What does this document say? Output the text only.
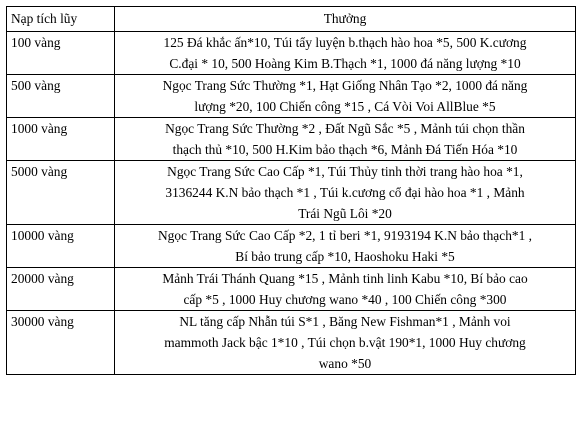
Nạp tích lũy	Thưởng
100 vàng	125 Đá khắc ấn*10, Túi tẩy luyện b.thạch hào hoa *5, 500 K.cương
C.đại * 10, 500 Hoàng Kim B.Thạch *1, 1000 đá năng lượng *10

500 vàng	Ngọc Trang Sức Thường *1, Hạt Giống Nhân Tạo *2, 1000 đá năng
lượng *20, 100 Chiến công *15 , Cá Vòi Voi AllBlue *5

1000 vàng	Ngọc Trang Sức Thường *2 , Đất Ngũ Sắc *5 , Mảnh túi chọn thần
thạch thủ *10, 500 H.Kim bảo thạch *6, Mảnh Đá Tiến Hóa *10

5000 vàng	Ngọc Trang Sức Cao Cấp *1, Túi Thủy tinh thời trang hào hoa *1,
3136244 K.N bảo thạch *1 , Túi k.cương cổ đại hào hoa *1 , Mảnh
Trái Ngũ Lôi *20

10000 vàng	Ngọc Trang Sức Cao Cấp *2, 1 tỉ beri *1, 9193194 K.N bảo thạch*1 ,
Bí bảo trung cấp *10, Haoshoku Haki *5

20000 vàng	Mảnh Trái Thánh Quang *15 , Mảnh tinh linh Kabu *10, Bí bảo cao
cấp *5 , 1000 Huy chương wano *40 , 100 Chiến công *300

30000 vàng	NL tăng cấp Nhẫn túi S*1 , Băng New Fishman*1 , Mảnh voi
mammoth Jack bậc 1*10 , Túi chọn b.vật 190*1, 1000 Huy chương
wano *50
